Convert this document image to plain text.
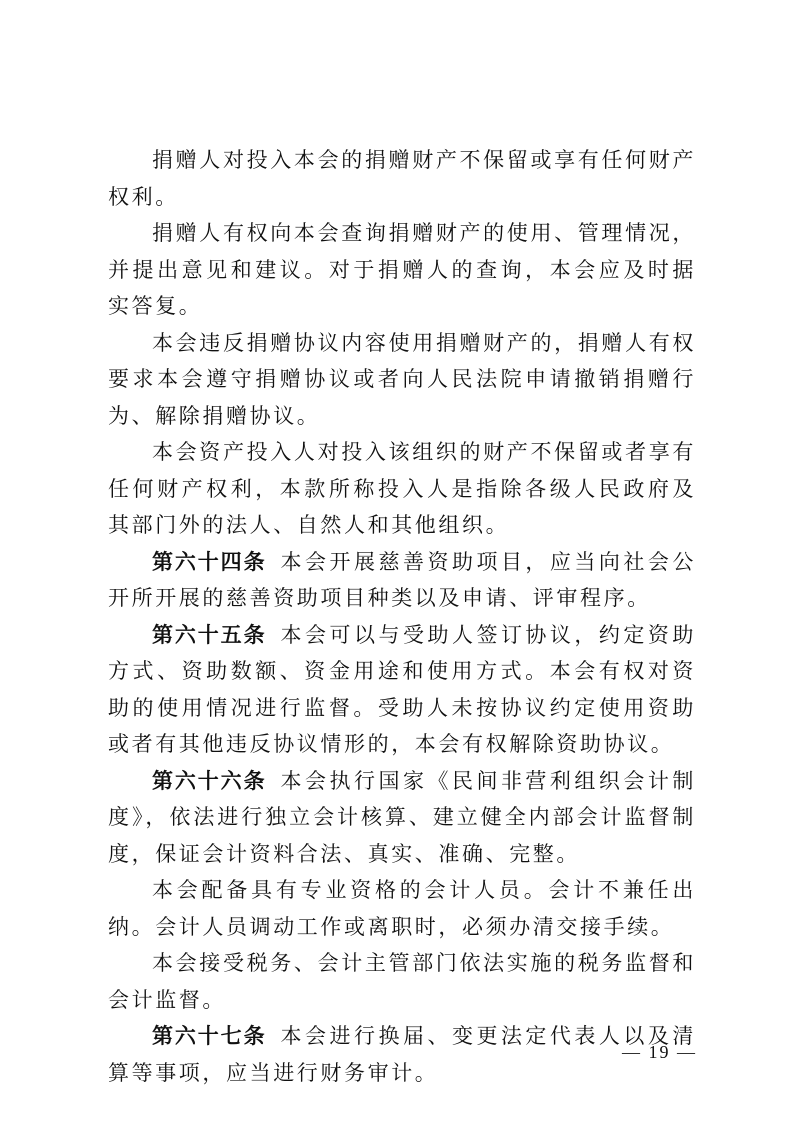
捐赠人对投入本会的捐赠财产不保留或享有任何财产权利。

捐赠人有权向本会查询捐赠财产的使用、管理情况，并提出意见和建议。对于捐赠人的查询，本会应及时据实答复。

本会违反捐赠协议内容使用捐赠财产的，捐赠人有权要求本会遵守捐赠协议或者向人民法院申请撤销捐赠行为、解除捐赠协议。

本会资产投入人对投入该组织的财产不保留或者享有任何财产权利，本款所称投入人是指除各级人民政府及其部门外的法人、自然人和其他组织。

第六十四条 本会开展慈善资助项目，应当向社会公开所开展的慈善资助项目种类以及申请、评审程序。

第六十五条 本会可以与受助人签订协议，约定资助方式、资助数额、资金用途和使用方式。本会有权对资助的使用情况进行监督。受助人未按协议约定使用资助或者有其他违反协议情形的，本会有权解除资助协议。

第六十六条 本会执行国家《民间非营利组织会计制度》，依法进行独立会计核算、建立健全内部会计监督制度，保证会计资料合法、真实、准确、完整。

本会配备具有专业资格的会计人员。会计不兼任出纳。会计人员调动工作或离职时，必须办清交接手续。

本会接受税务、会计主管部门依法实施的税务监督和会计监督。

第六十七条 本会进行换届、变更法定代表人以及清算等事项，应当进行财务审计。

— 19 —
